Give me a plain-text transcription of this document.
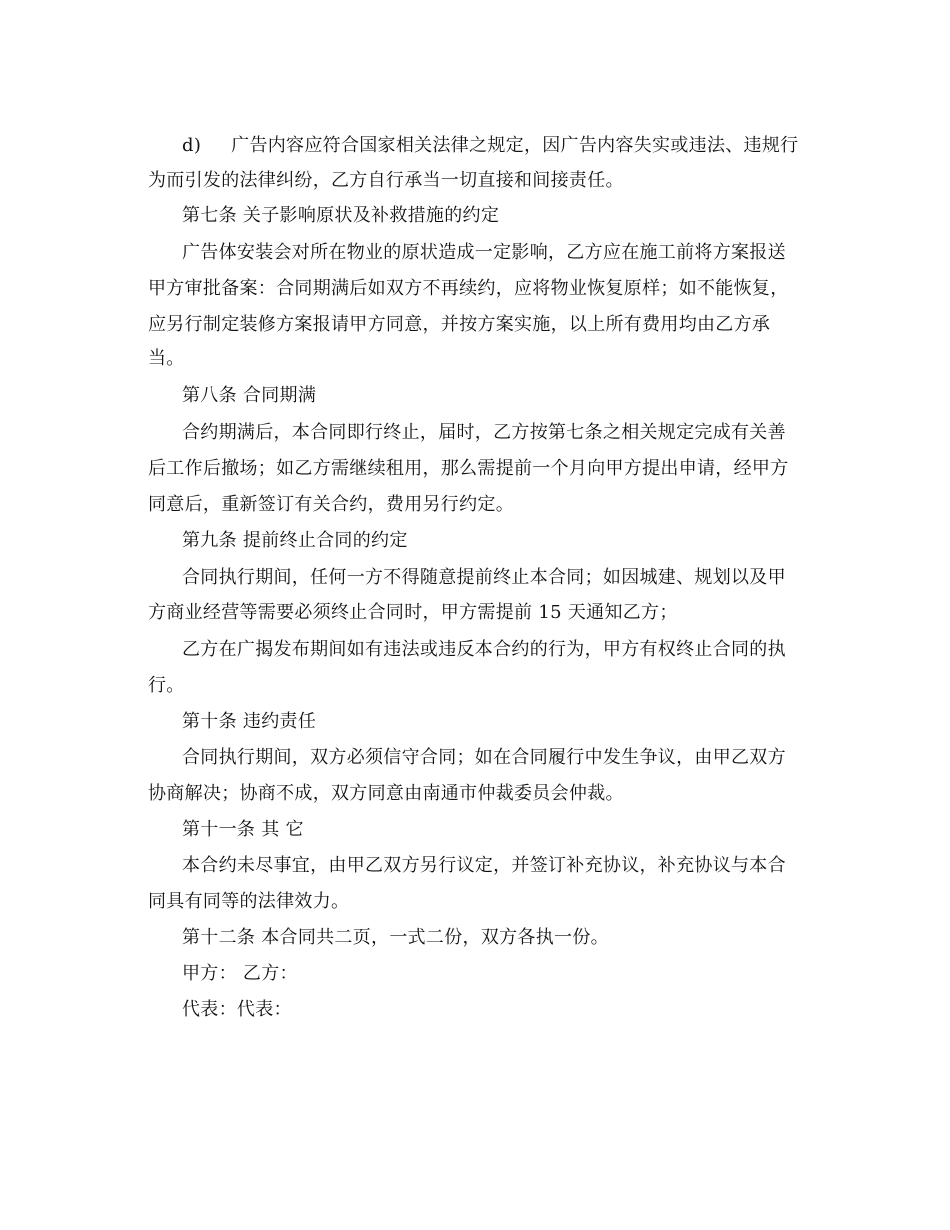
d) 广告内容应符合国家相关法律之规定，因广告内容失实或违法、违规行
为而引发的法律纠纷，乙方自行承当一切直接和间接责任。
第七条 关子影响原状及补救措施的约定
广告体安装会对所在物业的原状造成一定影响，乙方应在施工前将方案报送
甲方审批备案：合同期满后如双方不再续约，应将物业恢复原样；如不能恢复，
应另行制定装修方案报请甲方同意，并按方案实施，以上所有费用均由乙方承
当。
第八条 合同期满
合约期满后，本合同即行终止，届时，乙方按第七条之相关规定完成有关善
后工作后撤场；如乙方需继续租用，那么需提前一个月向甲方提出申请，经甲方
同意后，重新签订有关合约，费用另行约定。
第九条 提前终止合同的约定
合同执行期间，任何一方不得随意提前终止本合同；如因城建、规划以及甲
方商业经营等需要必须终止合同时，甲方需提前 15 天通知乙方；
乙方在广揭发布期间如有违法或违反本合约的行为，甲方有权终止合同的执
行。
第十条 违约责任
合同执行期间，双方必须信守合同；如在合同履行中发生争议，由甲乙双方
协商解决；协商不成，双方同意由南通市仲裁委员会仲裁。
第十一条 其 它
本合约未尽事宜，由甲乙双方另行议定，并签订补充协议，补充协议与本合
同具有同等的法律效力。
第十二条 本合同共二页，一式二份，双方各执一份。
甲方： 乙方：
代表：代表：
